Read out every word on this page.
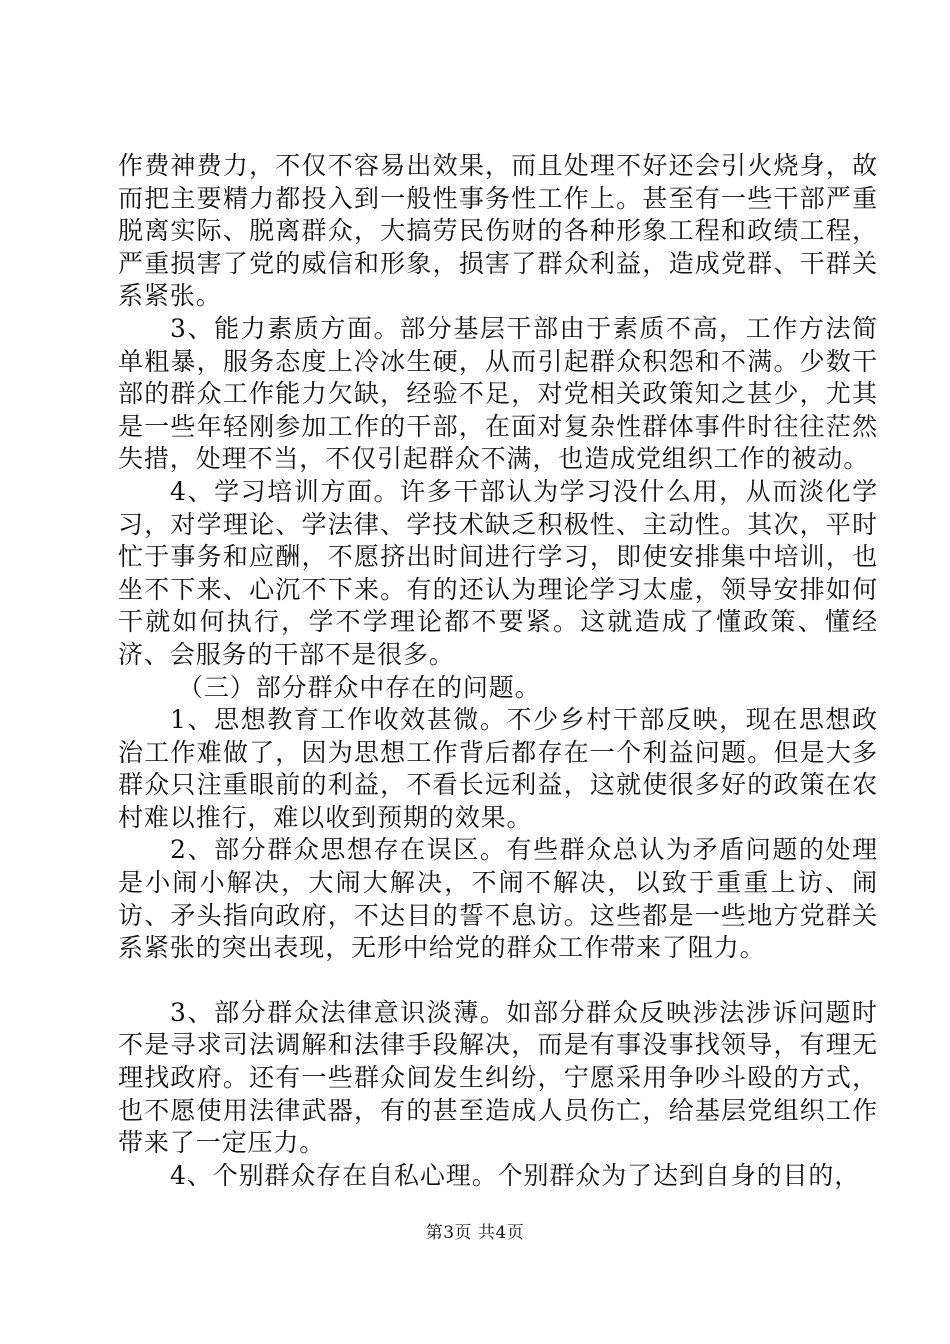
作费神费力，不仅不容易出效果，而且处理不好还会引火烧身，故而把主要精力都投入到一般性事务性工作上。甚至有一些干部严重脱离实际、脱离群众，大搞劳民伤财的各种形象工程和政绩工程，严重损害了党的威信和形象，损害了群众利益，造成党群、干群关系紧张。

3、能力素质方面。部分基层干部由于素质不高，工作方法简单粗暴，服务态度上冷冰生硬，从而引起群众积怨和不满。少数干部的群众工作能力欠缺，经验不足，对党相关政策知之甚少，尤其是一些年轻刚参加工作的干部，在面对复杂性群体事件时往往茫然失措，处理不当，不仅引起群众不满，也造成党组织工作的被动。

4、学习培训方面。许多干部认为学习没什么用，从而淡化学习，对学理论、学法律、学技术缺乏积极性、主动性。其次，平时忙于事务和应酬，不愿挤出时间进行学习，即使安排集中培训，也坐不下来、心沉不下来。有的还认为理论学习太虚，领导安排如何干就如何执行，学不学理论都不要紧。这就造成了懂政策、懂经济、会服务的干部不是很多。

（三）部分群众中存在的问题。

1、思想教育工作收效甚微。不少乡村干部反映，现在思想政治工作难做了，因为思想工作背后都存在一个利益问题。但是大多群众只注重眼前的利益，不看长远利益，这就使很多好的政策在农村难以推行，难以收到预期的效果。

2、部分群众思想存在误区。有些群众总认为矛盾问题的处理是小闹小解决，大闹大解决，不闹不解决，以致于重重上访、闹访、矛头指向政府，不达目的誓不息访。这些都是一些地方党群关系紧张的突出表现，无形中给党的群众工作带来了阻力。

3、部分群众法律意识淡薄。如部分群众反映涉法涉诉问题时不是寻求司法调解和法律手段解决，而是有事没事找领导，有理无理找政府。还有一些群众间发生纠纷，宁愿采用争吵斗殴的方式，也不愿使用法律武器，有的甚至造成人员伤亡，给基层党组织工作带来了一定压力。

4、个别群众存在自私心理。个别群众为了达到自身的目的，

第3页 共4页
